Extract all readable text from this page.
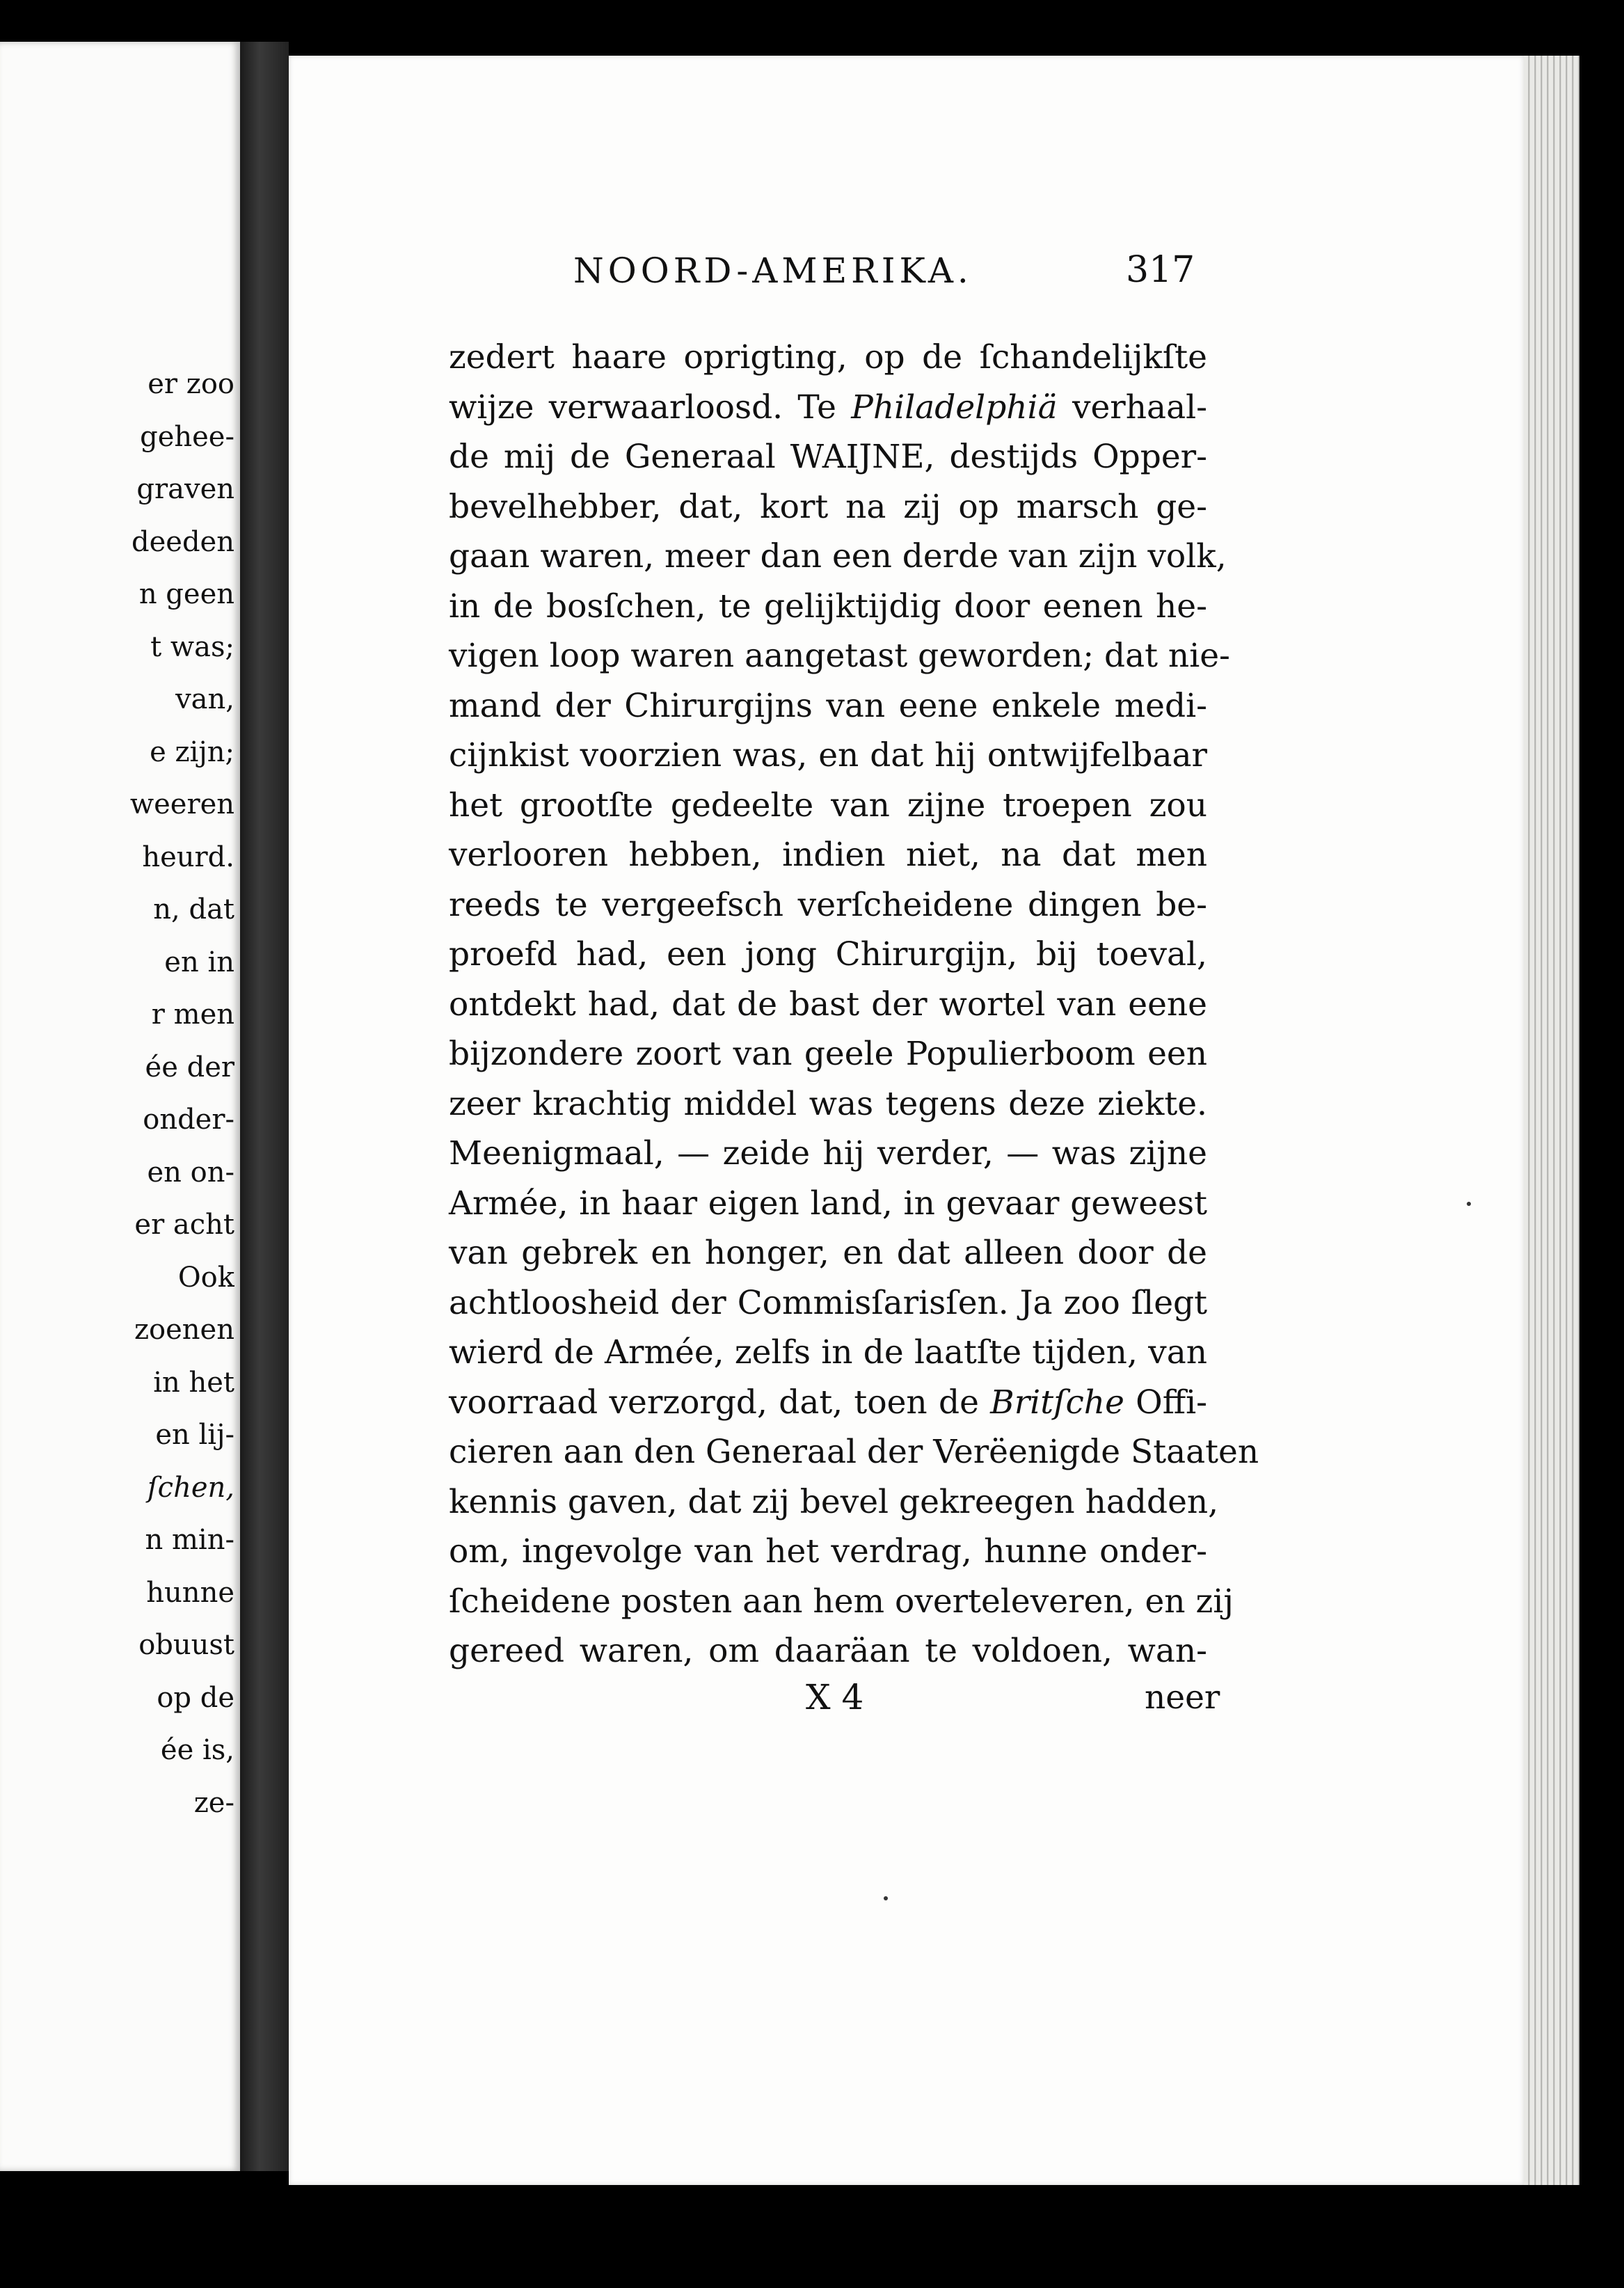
er zoo
gehee-
graven
deeden
n geen
t was;
van,
e zijn;
weeren
heurd.
n, dat
en in
r men
ée der
onder-
en on-
er acht
Ook
zoenen
in het
en lij-
ſchen,
n min-
hunne
obuust
op de
ée is,
ze-
NOORD-AMERIKA.	317
zedert haare oprigting, op de ſchandelijkſte
wijze verwaarloosd. Te Philadelphiä verhaal-
de mij de Generaal WAIJNE, destijds Opper-
bevelhebber, dat, kort na zij op marsch ge-
gaan waren, meer dan een derde van zijn volk,
in de bosſchen, te gelijktijdig door eenen he-
vigen loop waren aangetast geworden; dat nie-
mand der Chirurgijns van eene enkele medi-
cijnkist voorzien was, en dat hij ontwijfelbaar
het grootſte gedeelte van zijne troepen zou
verlooren hebben, indien niet, na dat men
reeds te vergeefsch verſcheidene dingen be-
proefd had, een jong Chirurgijn, bij toeval,
ontdekt had, dat de bast der wortel van eene
bijzondere zoort van geele Populierboom een
zeer krachtig middel was tegens deze ziekte.
Meenigmaal, — zeide hij verder, — was zijne
Armée, in haar eigen land, in gevaar geweest
van gebrek en honger, en dat alleen door de
achtloosheid der Commisſarisſen. Ja zoo ſlegt
wierd de Armée, zelfs in de laatſte tijden, van
voorraad verzorgd, dat, toen de Britſche Offi-
cieren aan den Generaal der Verëenigde Staaten
kennis gaven, dat zij bevel gekreegen hadden,
om, ingevolge van het verdrag, hunne onder-
ſcheidene posten aan hem overteleveren, en zij
gereed waren, om daaräan te voldoen, wan-
X 4	neer
